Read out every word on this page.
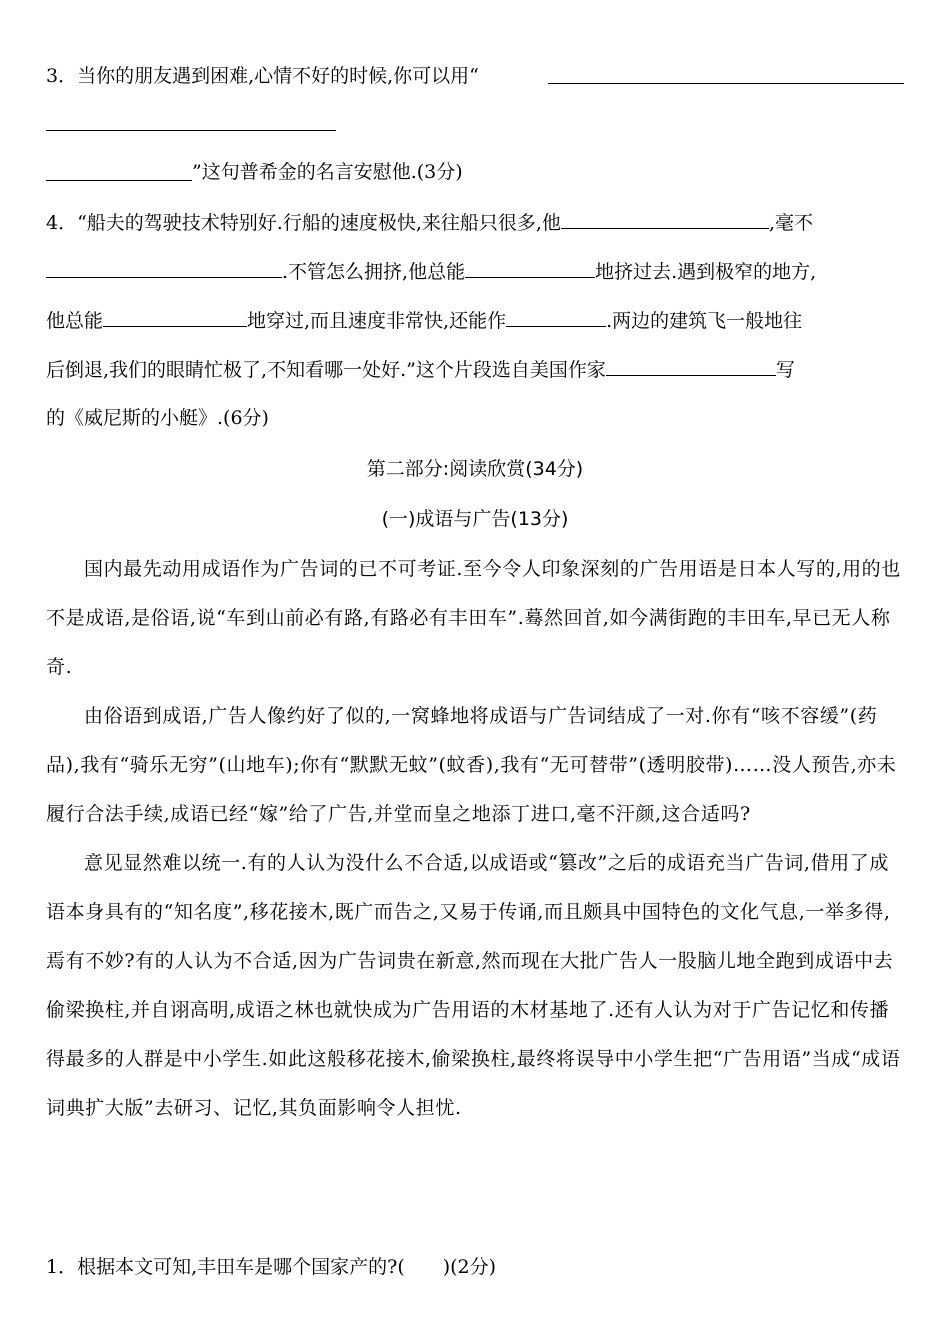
3．当你的朋友遇到困难,心情不好的时候,你可以用“
”这句普希金的名言安慰他.(3分)
4．“船夫的驾驶技术特别好.行船的速度极快,来往船只很多,他	,毫不
.不管怎么拥挤,他总能	地挤过去.遇到极窄的地方,
他总能	地穿过,而且速度非常快,还能作	.两边的建筑飞一般地往
后倒退,我们的眼睛忙极了,不知看哪一处好.”这个片段选自美国作家	写
的《威尼斯的小艇》.(6分)
第二部分:阅读欣赏(34分)
(一)成语与广告(13分)

国内最先动用成语作为广告词的已不可考证.至今令人印象深刻的广告用语是日本人写的,用的也不是成语,是俗语,说“车到山前必有路,有路必有丰田车”.蓦然回首,如今满街跑的丰田车,早已无人称奇.

由俗语到成语,广告人像约好了似的,一窝蜂地将成语与广告词结成了一对.你有“咳不容缓”(药品),我有“骑乐无穷”(山地车);你有“默默无蚊”(蚊香),我有“无可替带”(透明胶带)……没人预告,亦未履行合法手续,成语已经“嫁”给了广告,并堂而皇之地添丁进口,毫不汗颜,这合适吗?

意见显然难以统一.有的人认为没什么不合适,以成语或“篡改”之后的成语充当广告词,借用了成语本身具有的“知名度”,移花接木,既广而告之,又易于传诵,而且颇具中国特色的文化气息,一举多得,焉有不妙?有的人认为不合适,因为广告词贵在新意,然而现在大批广告人一股脑儿地全跑到成语中去偷梁换柱,并自诩高明,成语之林也就快成为广告用语的木材基地了.还有人认为对于广告记忆和传播得最多的人群是中小学生.如此这般移花接木,偷梁换柱,最终将误导中小学生把“广告用语”当成“成语词典扩大版”去研习、记忆,其负面影响令人担忧.

1．根据本文可知,丰田车是哪个国家产的?(　　)(2分)
